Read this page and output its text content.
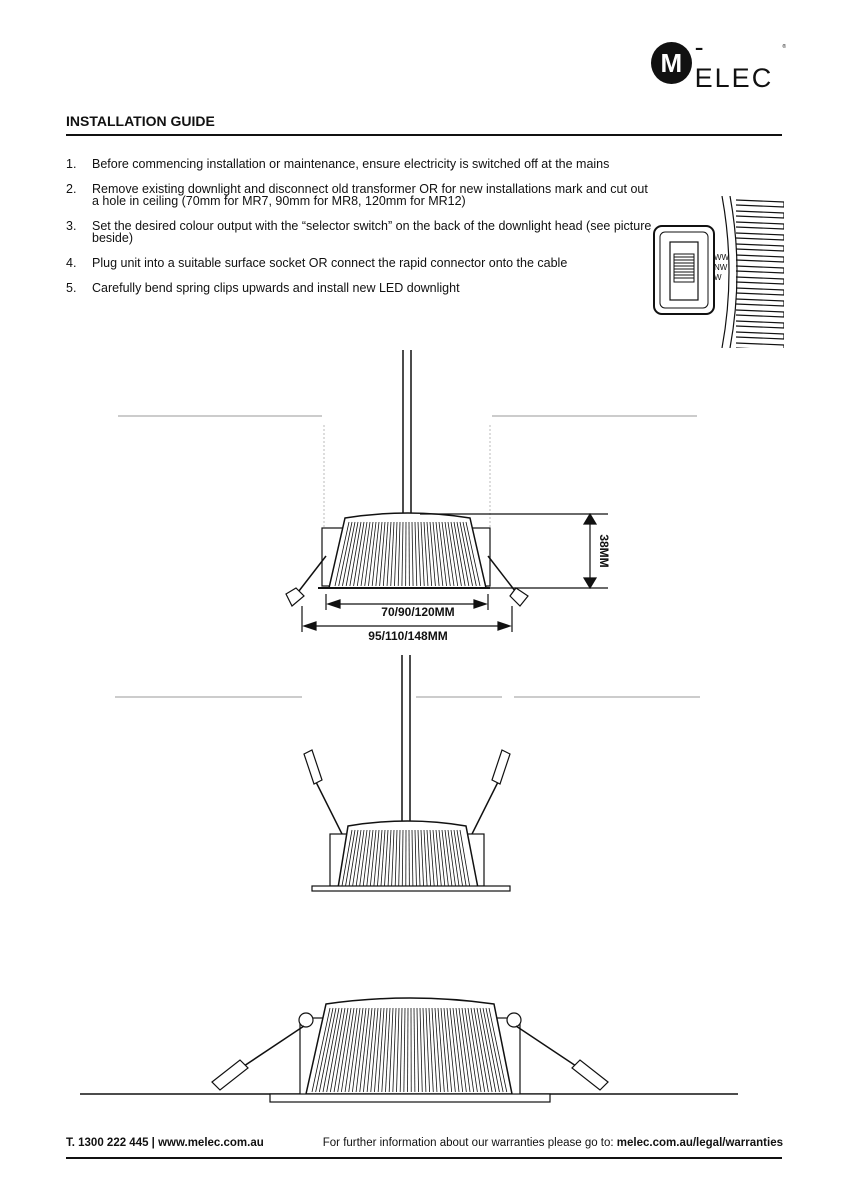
M
-ELEC
®
INSTALLATION GUIDE
1.	Before commencing installation or maintenance, ensure electricity is switched off at the mains
2.	Remove existing downlight and disconnect old transformer OR for new installations mark and cut out a hole in ceiling (70mm for MR7, 90mm for MR8, 120mm for MR12)
3.	Set the desired colour output with the “selector switch” on the back of the downlight head (see picture beside)
4.	Plug unit into a suitable surface socket OR connect the rapid connector onto the cable
5.	Carefully bend spring clips upwards and install new LED downlight
WW
NW
W
70/90/120MM
95/110/148MM
38MM
T. 1300 222 445 | www.melec.com.au	For further information about our warranties please go to: melec.com.au/legal/warranties
